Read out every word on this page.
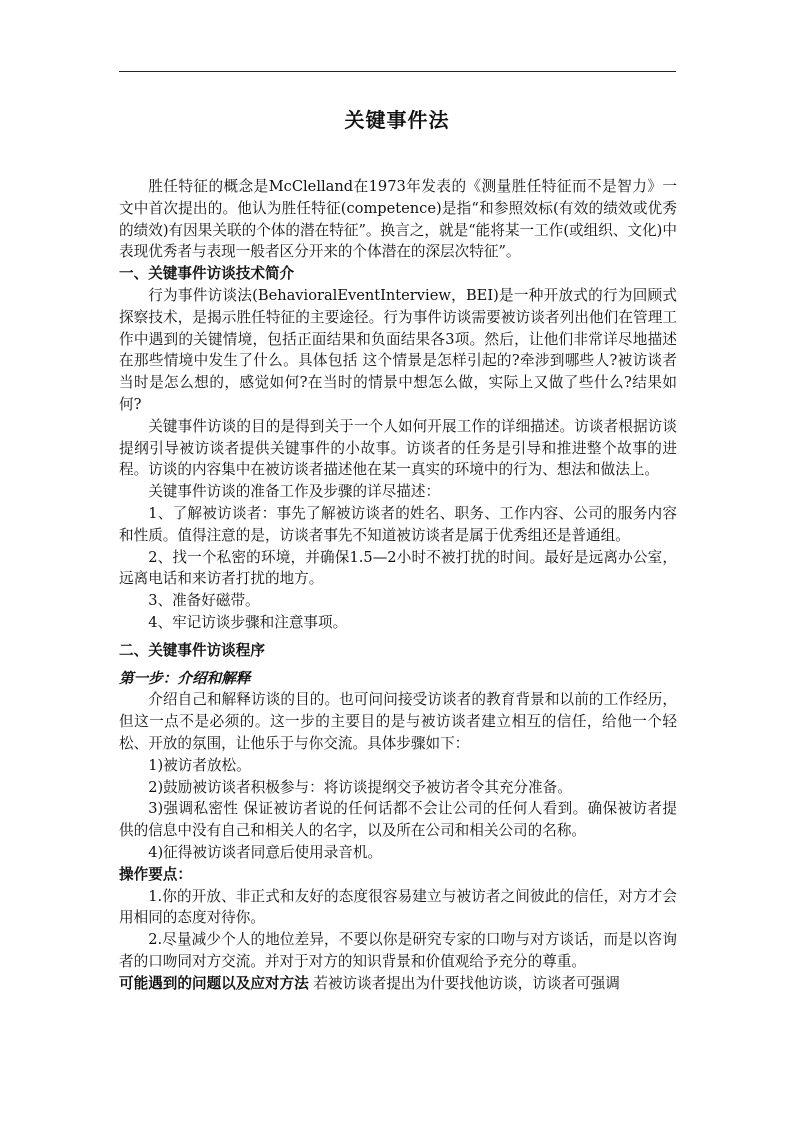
关键事件法

胜任特征的概念是McClelland在1973年发表的《测量胜任特征而不是智力》一文中首次提出的。他认为胜任特征(competence)是指“和参照效标(有效的绩效或优秀的绩效)有因果关联的个体的潜在特征”。换言之，就是“能将某一工作(或组织、文化)中表现优秀者与表现一般者区分开来的个体潜在的深层次特征”。

一、关键事件访谈技术简介

行为事件访谈法(BehavioralEventInterview，BEI)是一种开放式的行为回顾式探察技术，是揭示胜任特征的主要途径。行为事件访谈需要被访谈者列出他们在管理工作中遇到的关键情境，包括正面结果和负面结果各3项。然后，让他们非常详尽地描述在那些情境中发生了什么。具体包括 这个情景是怎样引起的?牵涉到哪些人?被访谈者当时是怎么想的，感觉如何?在当时的情景中想怎么做，实际上又做了些什么?结果如何?

关键事件访谈的目的是得到关于一个人如何开展工作的详细描述。访谈者根据访谈提纲引导被访谈者提供关键事件的小故事。访谈者的任务是引导和推进整个故事的进程。访谈的内容集中在被访谈者描述他在某一真实的环境中的行为、想法和做法上。

关键事件访谈的准备工作及步骤的详尽描述：

1、了解被访谈者：事先了解被访谈者的姓名、职务、工作内容、公司的服务内容和性质。值得注意的是，访谈者事先不知道被访谈者是属于优秀组还是普通组。

2、找一个私密的环境，并确保1.5—2小时不被打扰的时间。最好是远离办公室，远离电话和来访者打扰的地方。

3、准备好磁带。

4、牢记访谈步骤和注意事项。

二、关键事件访谈程序

第一步：介绍和解释

介绍自己和解释访谈的目的。也可问问接受访谈者的教育背景和以前的工作经历，但这一点不是必须的。这一步的主要目的是与被访谈者建立相互的信任，给他一个轻松、开放的氛围，让他乐于与你交流。具体步骤如下：

1)被访者放松。

2)鼓励被访谈者积极参与：将访谈提纲交予被访者令其充分准备。

3)强调私密性 保证被访者说的任何话都不会让公司的任何人看到。确保被访者提供的信息中没有自己和相关人的名字，以及所在公司和相关公司的名称。

4)征得被访谈者同意后使用录音机。

操作要点：

1.你的开放、非正式和友好的态度很容易建立与被访者之间彼此的信任，对方才会用相同的态度对待你。

2.尽量减少个人的地位差异，不要以你是研究专家的口吻与对方谈话，而是以咨询者的口吻同对方交流。并对于对方的知识背景和价值观给予充分的尊重。

可能遇到的问题以及应对方法 若被访谈者提出为什要找他访谈，访谈者可强调
